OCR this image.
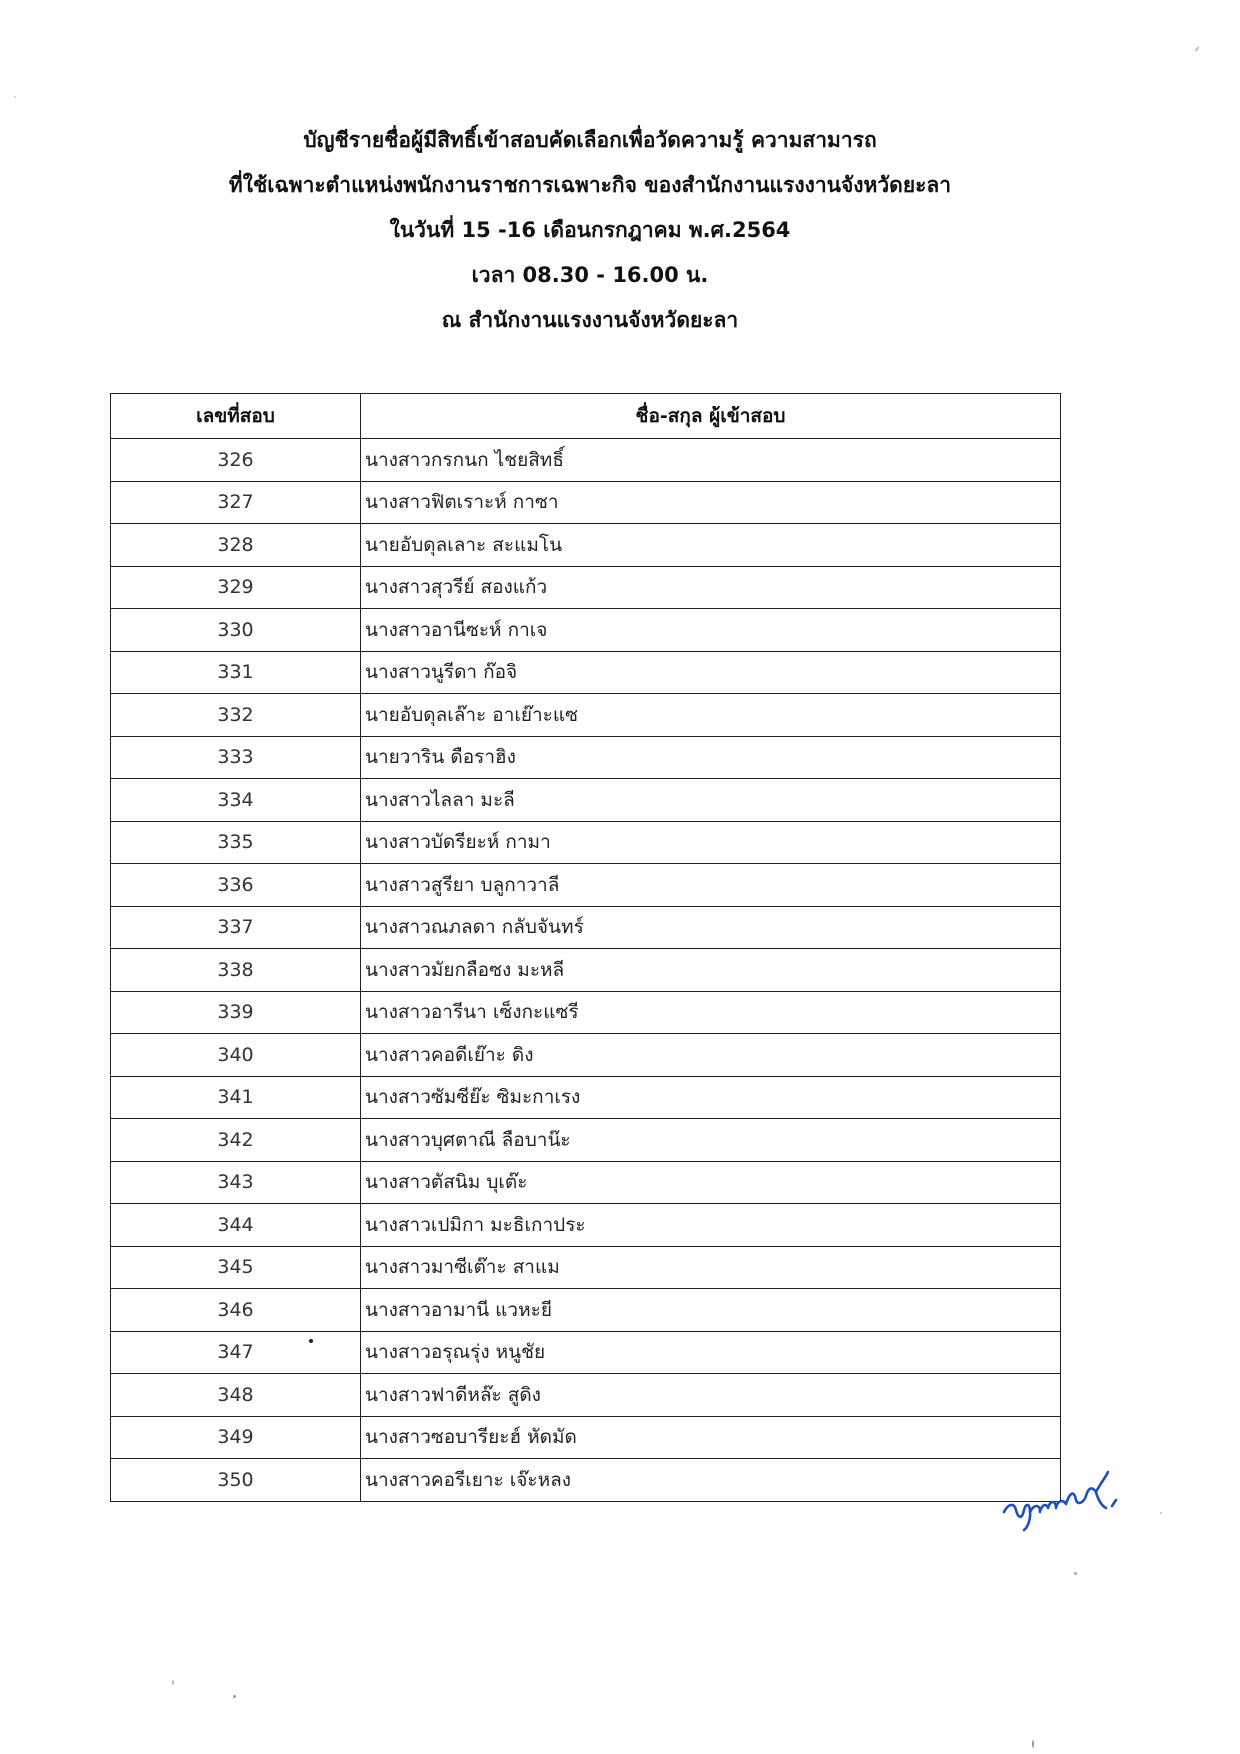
บัญชีรายชื่อผู้มีสิทธิ์เข้าสอบคัดเลือกเพื่อวัดความรู้ ความสามารถ
ที่ใช้เฉพาะตำแหน่งพนักงานราชการเฉพาะกิจ ของสำนักงานแรงงานจังหวัดยะลา
ในวันที่ 15 -16 เดือนกรกฎาคม พ.ศ.2564
เวลา 08.30 - 16.00 น.
ณ สำนักงานแรงงานจังหวัดยะลา
เลขที่สอบ	ชื่อ-สกุล ผู้เข้าสอบ
326	นางสาวกรกนก ไชยสิทธิ์
327	นางสาวฟิตเราะห์ กาซา
328	นายอับดุลเลาะ สะแมโน
329	นางสาวสุวรีย์ สองแก้ว
330	นางสาวอานีซะห์ กาเจ
331	นางสาวนูรีดา ก๊อจิ
332	นายอับดุลเล๊าะ อาเย๊าะแซ
333	นายวาริน ดือราฮิง
334	นางสาวไลลา มะลี
335	นางสาวบัดรียะห์ กามา
336	นางสาวสูรียา บลูกาวาลี
337	นางสาวณภลดา กลับจันทร์
338	นางสาวมัยกลือซง มะหลี
339	นางสาวอารีนา เซ็งกะแซรี
340	นางสาวคอดีเย๊าะ ดิง
341	นางสาวซัมซีย๊ะ ซิมะกาเรง
342	นางสาวบุศตาณี ลือบาน๊ะ
343	นางสาวตัสนิม บุเต๊ะ
344	นางสาวเปมิกา มะธิเกาประ
345	นางสาวมาซีเต๊าะ สาแม
346	นางสาวอามานี แวหะยี
347	นางสาวอรุณรุ่ง หนูชัย
348	นางสาวฟาดีหล๊ะ สูดิง
349	นางสาวซอบารียะฮ์ หัดมัด
350	นางสาวคอรีเยาะ เจ๊ะหลง
